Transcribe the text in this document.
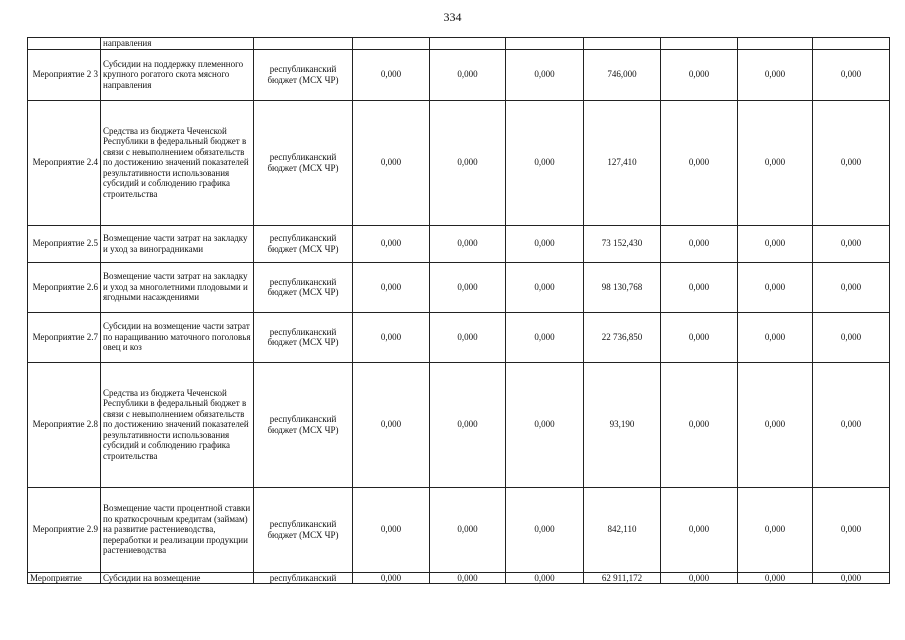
334
	направления								
Мероприятие 2 3	Субсидии на поддержку племенного крупного рогатого скота мясного направления	республиканский бюджет (МСХ ЧР)	0,000	0,000	0,000	746,000	0,000	0,000	0,000
Мероприятие 2.4	Средства из бюджета Чеченской Республики в федеральный бюджет в связи с невыполнением обязательств по достижению значений показателей результативности использования субсидий и соблюдению графика строительства	республиканский бюджет (МСХ ЧР)	0,000	0,000	0,000	127,410	0,000	0,000	0,000
Мероприятие 2.5	Возмещение части затрат на закладку и уход за виноградниками	республиканский бюджет (МСХ ЧР)	0,000	0,000	0,000	73 152,430	0,000	0,000	0,000
Мероприятие 2.6	Возмещение части затрат на закладку и уход за многолетними плодовыми и ягодными насаждениями	республиканский бюджет (МСХ ЧР)	0,000	0,000	0,000	98 130,768	0,000	0,000	0,000
Мероприятие 2.7	Субсидии на возмещение части затрат по наращиванию маточного поголовья овец и коз	республиканский бюджет (МСХ ЧР)	0,000	0,000	0,000	22 736,850	0,000	0,000	0,000
Мероприятие 2.8	Средства из бюджета Чеченской Республики в федеральный бюджет в связи с невыполнением обязательств по достижению значений показателей результативности использования субсидий и соблюдению графика строительства	республиканский бюджет (МСХ ЧР)	0,000	0,000	0,000	93,190	0,000	0,000	0,000
Мероприятие 2.9	Возмещение части процентной ставки по краткосрочным кредитам (займам) на развитие растениеводства, переработки и реализации продукции растениеводства	республиканский бюджет (МСХ ЧР)	0,000	0,000	0,000	842,110	0,000	0,000	0,000
Мероприятие	Субсидии на возмещение	республиканский	0,000	0,000	0,000	62 911,172	0,000	0,000	0,000
